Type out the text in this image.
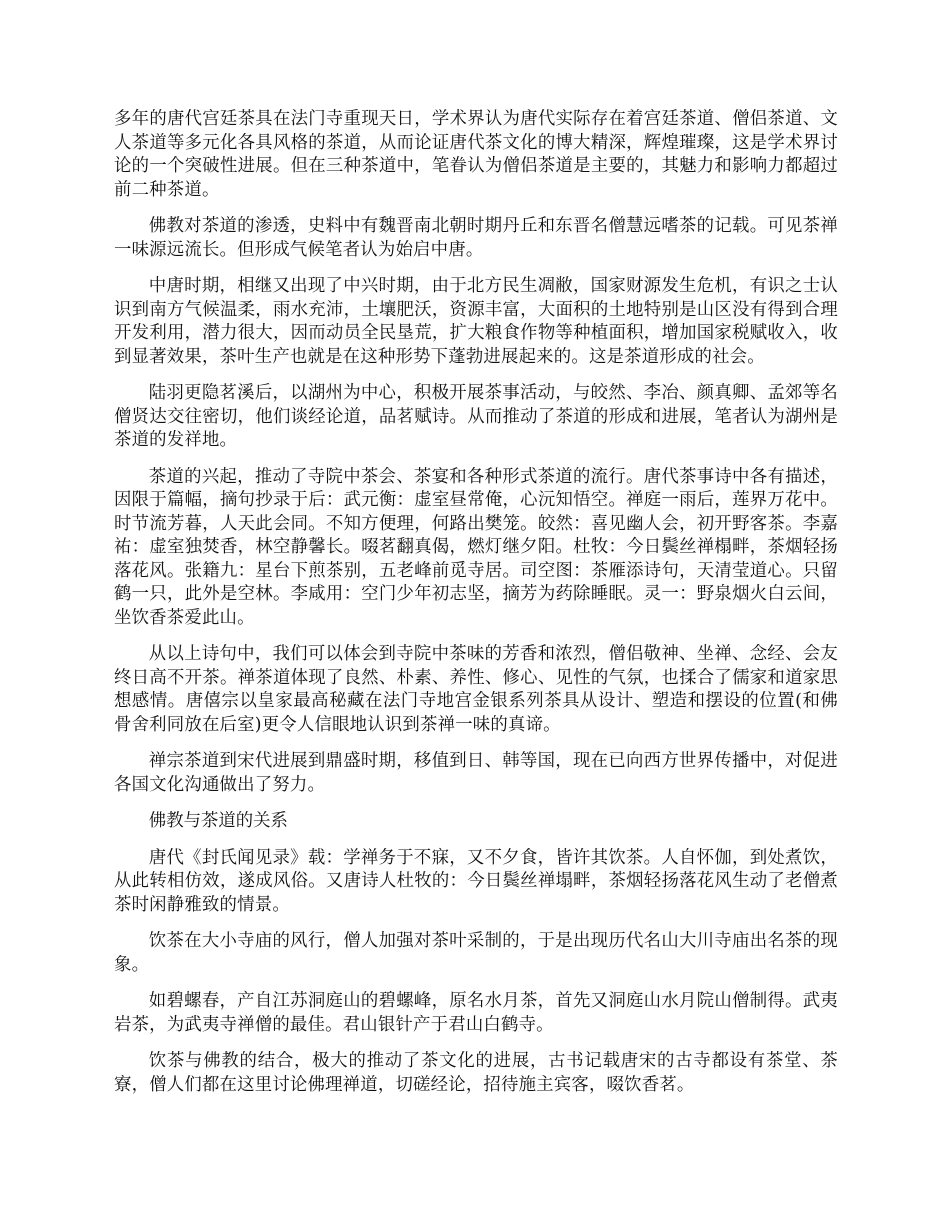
多年的唐代宫廷茶具在法门寺重现天日，学术界认为唐代实际存在着宫廷茶道、僧侣茶道、文人茶道等多元化各具风格的茶道，从而论证唐代茶文化的博大精深，辉煌璀璨，这是学术界讨论的一个突破性进展。但在三种茶道中，笔眷认为僧侣茶道是主要的，其魅力和影响力都超过前二种茶道。

佛教对茶道的渗透，史料中有魏晋南北朝时期丹丘和东晋名僧慧远嗜茶的记载。可见茶禅一味源远流长。但形成气候笔者认为始启中唐。

中唐时期，相继又出现了中兴时期，由于北方民生凋敝，国家财源发生危机，有识之士认识到南方气候温柔，雨水充沛，土壤肥沃，资源丰富，大面积的土地特别是山区没有得到合理开发利用，潜力很大，因而动员全民垦荒，扩大粮食作物等种植面积，增加国家税赋收入，收到显著效果，茶叶生产也就是在这种形势下蓬勃进展起来的。这是茶道形成的社会。

陆羽更隐茗溪后，以湖州为中心，积极开展茶事活动，与皎然、李冶、颜真卿、孟郊等名僧贤达交往密切，他们谈经论道，品茗赋诗。从而推动了茶道的形成和进展，笔者认为湖州是茶道的发祥地。

茶道的兴起，推动了寺院中茶会、茶宴和各种形式茶道的流行。唐代茶事诗中各有描述，因限于篇幅，摘句抄录于后：武元衡：虚室昼常俺，心沅知悟空。禅庭一雨后，莲界万花中。时节流芳暮，人天此会同。不知方便理，何路出樊笼。皎然：喜见幽人会，初开野客茶。李嘉祐：虚室独焚香，林空静馨长。啜茗翻真偈，燃灯继夕阳。杜牧：今日鬓丝禅榻畔，茶烟轻扬落花风。张籍九：星台下煎茶别，五老峰前觅寺居。司空图：茶雁添诗句，天清莹道心。只留鹤一只，此外是空林。李咸用：空门少年初志坚，摘芳为药除睡眠。灵一：野泉烟火白云间，坐饮香茶爱此山。

从以上诗句中，我们可以体会到寺院中茶味的芳香和浓烈，僧侣敬神、坐禅、念经、会友终日高不开茶。禅茶道体现了良然、朴素、养性、修心、见性的气氛，也揉合了儒家和道家思想感情。唐僖宗以皇家最高秘藏在法门寺地宫金银系列茶具从设计、塑造和摆设的位置(和佛骨舍利同放在后室)更令人信眼地认识到茶禅一味的真谛。

禅宗茶道到宋代进展到鼎盛时期，移值到日、韩等国，现在已向西方世界传播中，对促进各国文化沟通做出了努力。

佛教与茶道的关系

唐代《封氏闻见录》载：学禅务于不寐，又不夕食，皆许其饮茶。人自怀伽，到处煮饮，从此转相仿效，遂成风俗。又唐诗人杜牧的：今日鬓丝禅塌畔，茶烟轻扬落花风生动了老僧煮茶时闲静雅致的情景。

饮茶在大小寺庙的风行，僧人加强对茶叶采制的，于是出现历代名山大川寺庙出名茶的现象。

如碧螺春，产自江苏洞庭山的碧螺峰，原名水月茶，首先又洞庭山水月院山僧制得。武夷岩茶，为武夷寺禅僧的最佳。君山银针产于君山白鹤寺。

饮茶与佛教的结合，极大的推动了茶文化的进展，古书记载唐宋的古寺都设有茶堂、茶寮，僧人们都在这里讨论佛理禅道，切磋经论，招待施主宾客，啜饮香茗。
